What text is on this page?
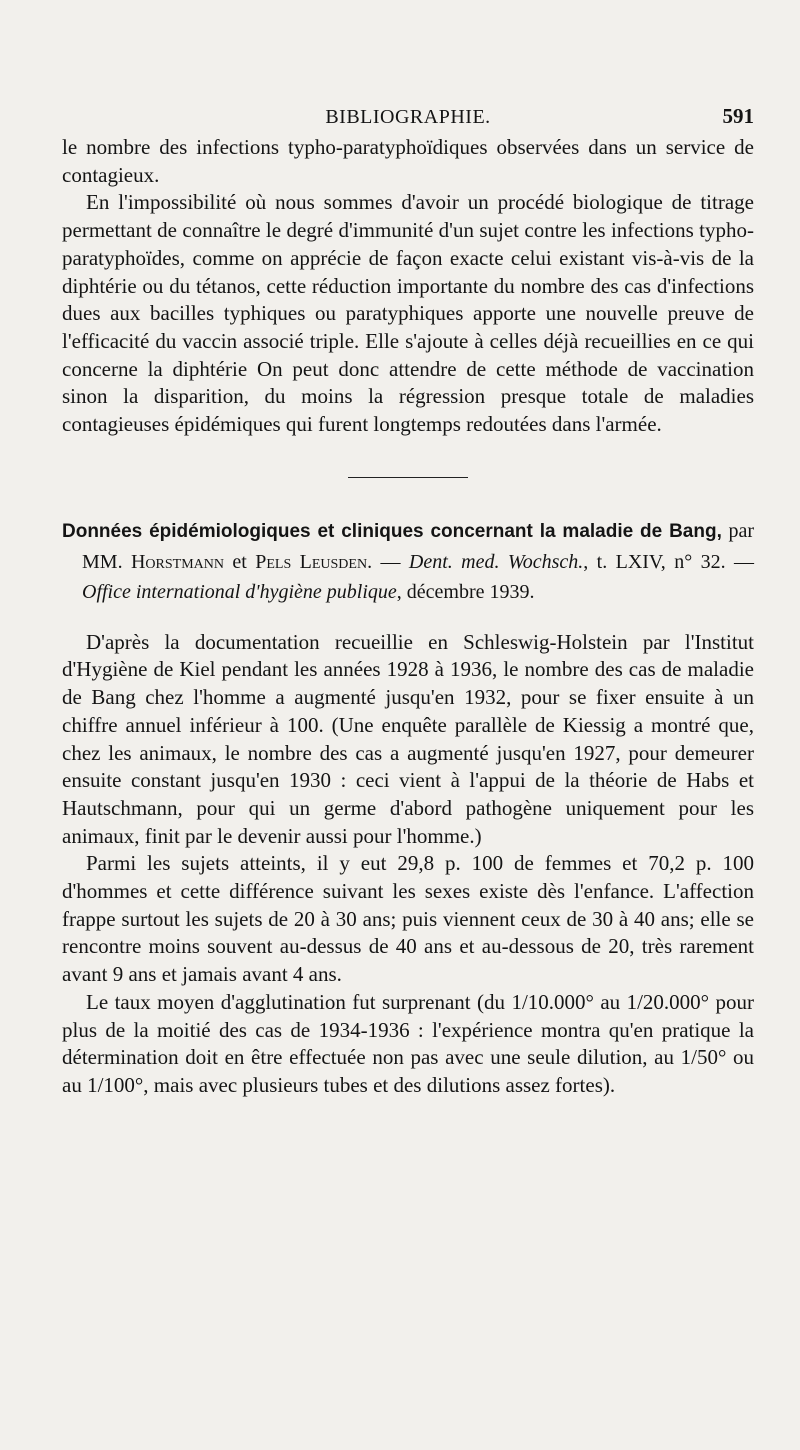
BIBLIOGRAPHIE.	591

le nombre des infections typho-paratyphoïdiques observées dans un service de contagieux.

En l'impossibilité où nous sommes d'avoir un procédé biologique de titrage permettant de connaître le degré d'immunité d'un sujet contre les infections typho-paratyphoïdes, comme on apprécie de façon exacte celui existant vis-à-vis de la diphtérie ou du tétanos, cette réduction importante du nombre des cas d'infections dues aux bacilles typhiques ou paratyphiques apporte une nouvelle preuve de l'efficacité du vaccin associé triple. Elle s'ajoute à celles déjà recueillies en ce qui concerne la diphtérie On peut donc attendre de cette méthode de vaccination sinon la disparition, du moins la régression presque totale de maladies contagieuses épidémiques qui furent longtemps redoutées dans l'armée.

Données épidémiologiques et cliniques concernant la maladie de Bang, par MM. Horstmann et Pels Leusden. — Dent. med. Wochsch., t. LXIV, n° 32. — Office international d'hygiène publique, décembre 1939.

D'après la documentation recueillie en Schleswig-Holstein par l'Institut d'Hygiène de Kiel pendant les années 1928 à 1936, le nombre des cas de maladie de Bang chez l'homme a augmenté jusqu'en 1932, pour se fixer ensuite à un chiffre annuel inférieur à 100. (Une enquête parallèle de Kiessig a montré que, chez les animaux, le nombre des cas a augmenté jusqu'en 1927, pour demeurer ensuite constant jusqu'en 1930 : ceci vient à l'appui de la théorie de Habs et Hautschmann, pour qui un germe d'abord pathogène uniquement pour les animaux, finit par le devenir aussi pour l'homme.)

Parmi les sujets atteints, il y eut 29,8 p. 100 de femmes et 70,2 p. 100 d'hommes et cette différence suivant les sexes existe dès l'enfance. L'affection frappe surtout les sujets de 20 à 30 ans; puis viennent ceux de 30 à 40 ans; elle se rencontre moins souvent au-dessus de 40 ans et au-dessous de 20, très rarement avant 9 ans et jamais avant 4 ans.

Le taux moyen d'agglutination fut surprenant (du 1/10.000° au 1/20.000° pour plus de la moitié des cas de 1934-1936 : l'expérience montra qu'en pratique la détermination doit en être effectuée non pas avec une seule dilution, au 1/50° ou au 1/100°, mais avec plusieurs tubes et des dilutions assez fortes).
